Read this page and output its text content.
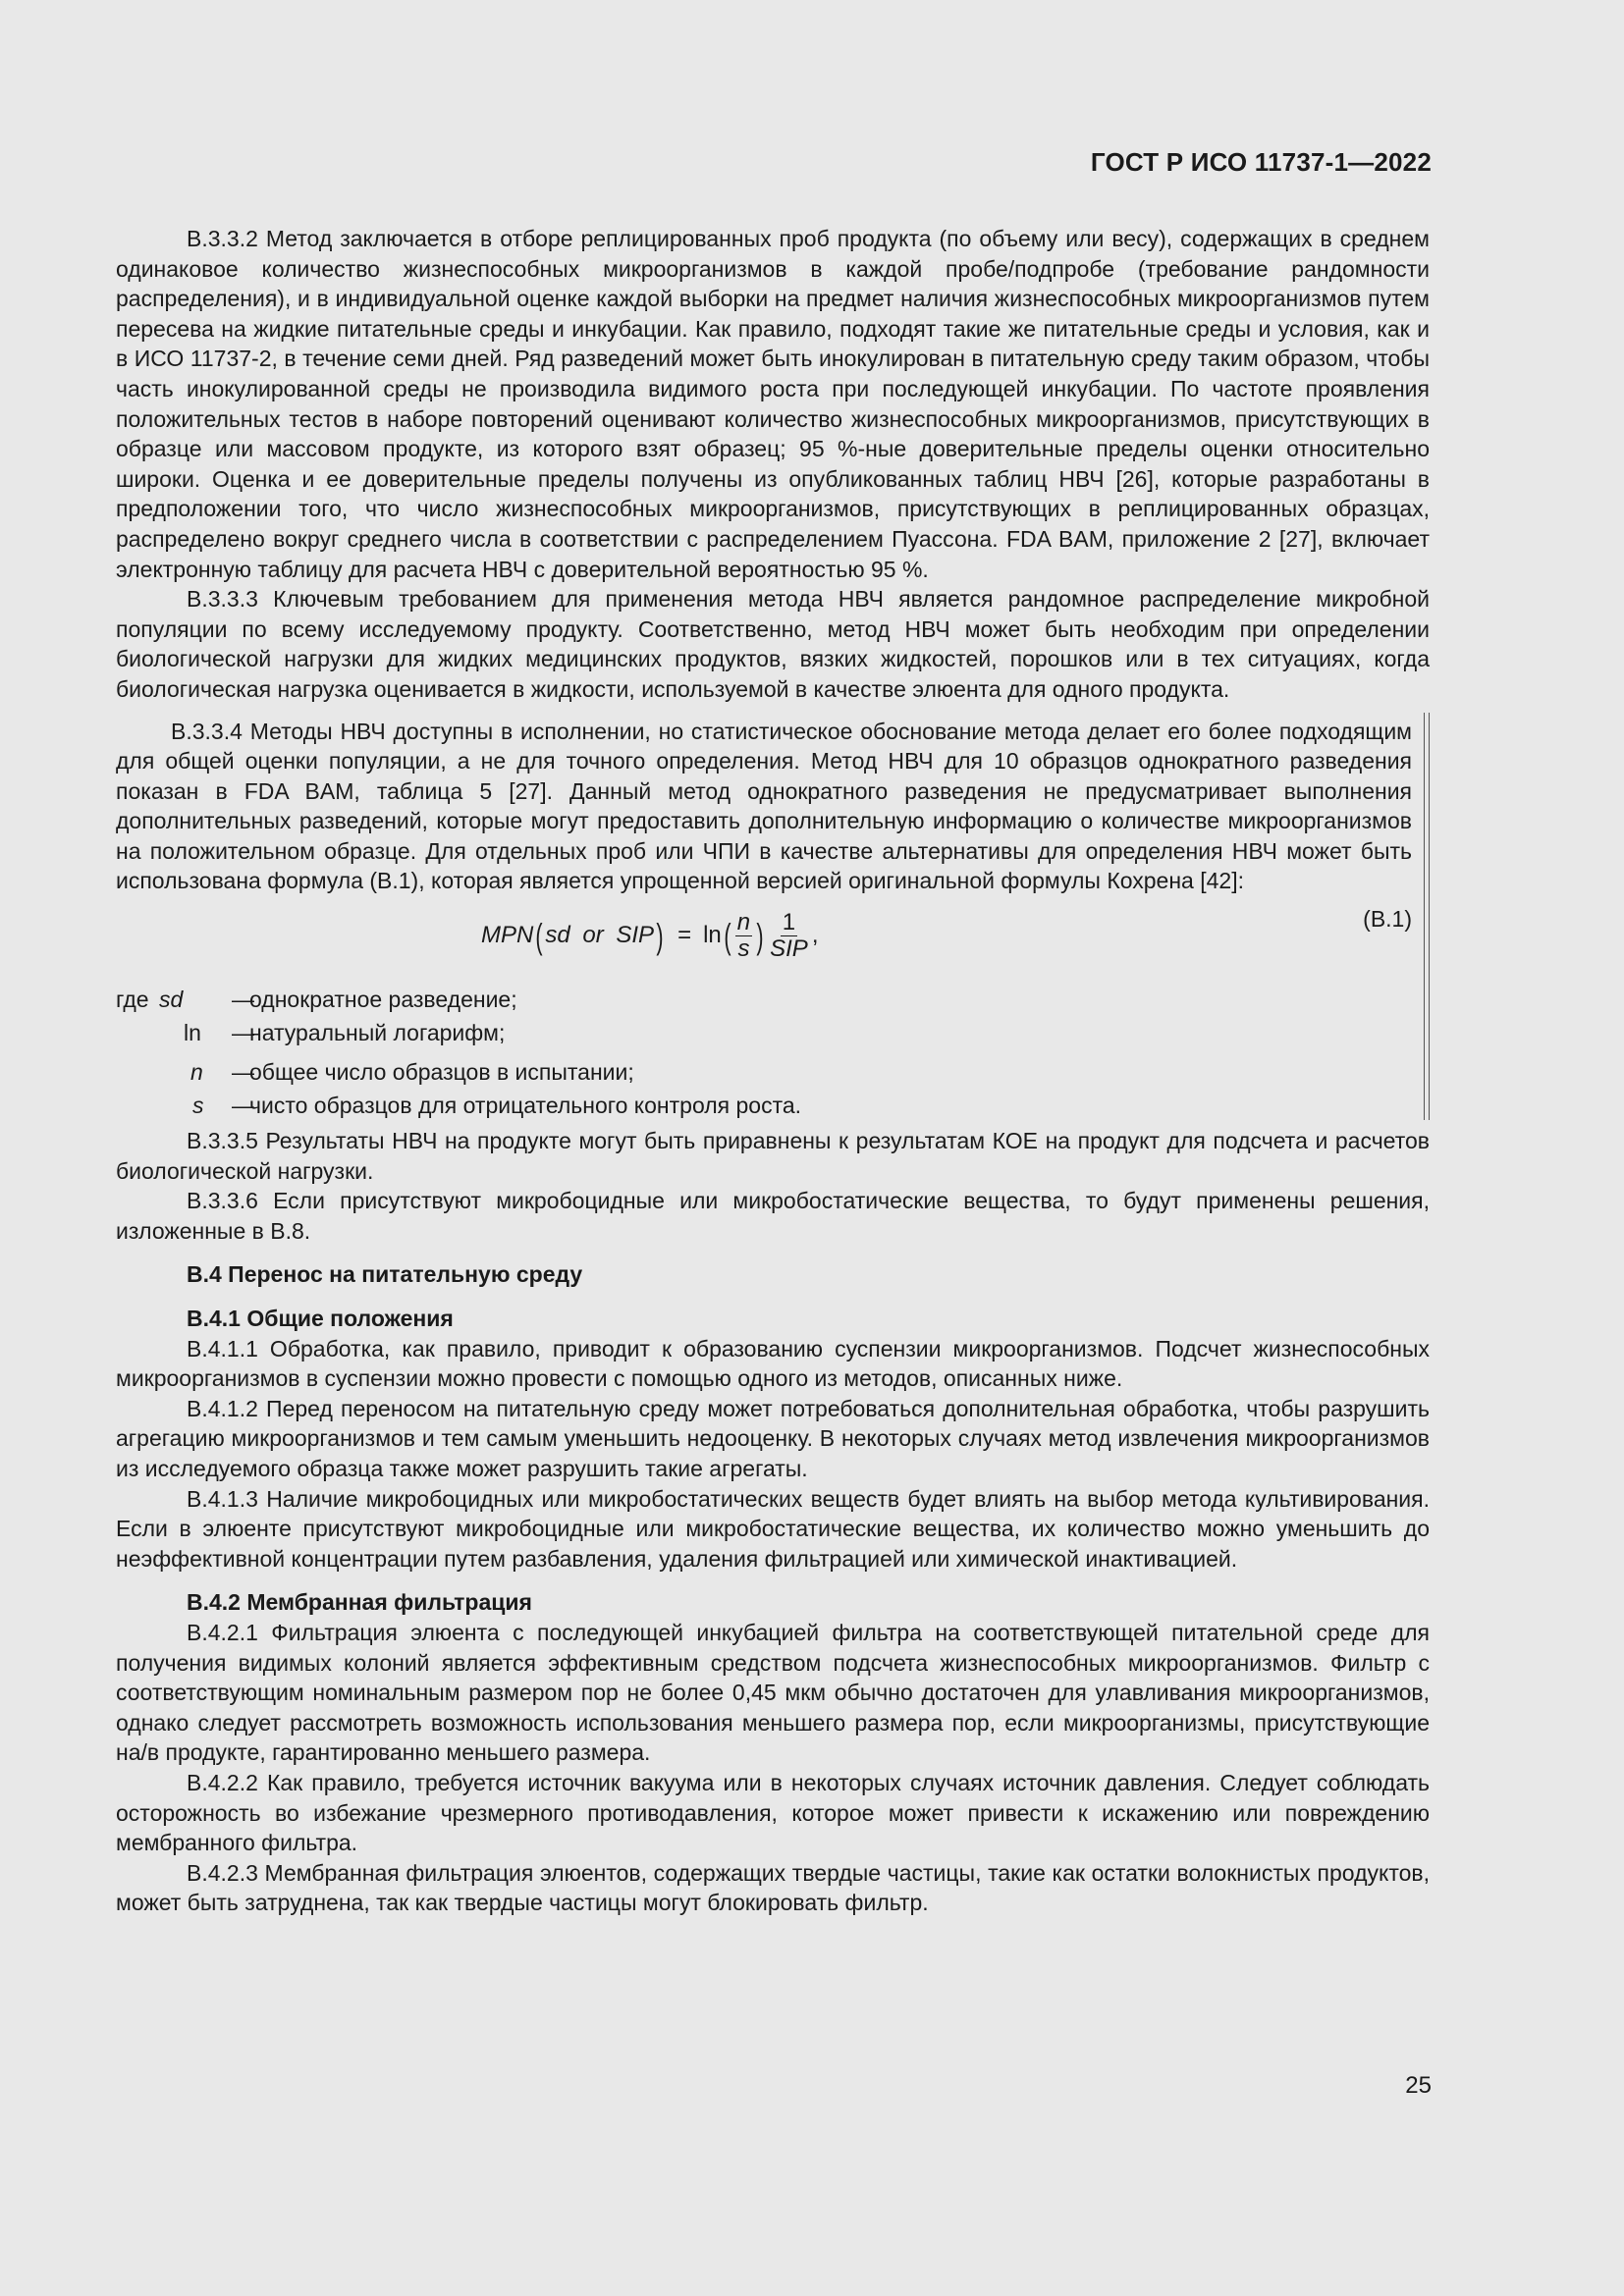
ГОСТ Р ИСО 11737-1—2022

В.3.3.2 Метод заключается в отборе реплицированных проб продукта (по объему или весу), содержащих в среднем одинаковое количество жизнеспособных микроорганизмов в каждой пробе/подпробе (требование рандомности распределения), и в индивидуальной оценке каждой выборки на предмет наличия жизнеспособных микроорганизмов путем пересева на жидкие питательные среды и инкубации. Как правило, подходят такие же питательные среды и условия, как и в ИСО 11737-2, в течение семи дней. Ряд разведений может быть инокулирован в питательную среду таким образом, чтобы часть инокулированной среды не производила видимого роста при последующей инкубации. По частоте проявления положительных тестов в наборе повторений оценивают количество жизнеспособных микроорганизмов, присутствующих в образце или массовом продукте, из которого взят образец; 95 %-ные доверительные пределы оценки относительно широки. Оценка и ее доверительные пределы получены из опубликованных таблиц НВЧ [26], которые разработаны в предположении того, что число жизнеспособных микроорганизмов, присутствующих в реплицированных образцах, распределено вокруг среднего числа в соответствии с распределением Пуассона. FDA BAM, приложение 2 [27], включает электронную таблицу для расчета НВЧ с доверительной вероятностью 95 %.

В.3.3.3 Ключевым требованием для применения метода НВЧ является рандомное распределение микробной популяции по всему исследуемому продукту. Соответственно, метод НВЧ может быть необходим при определении биологической нагрузки для жидких медицинских продуктов, вязких жидкостей, порошков или в тех ситуациях, когда биологическая нагрузка оценивается в жидкости, используемой в качестве элюента для одного продукта.

В.3.3.4 Методы НВЧ доступны в исполнении, но статистическое обоснование метода делает его более подходящим для общей оценки популяции, а не для точного определения. Метод НВЧ для 10 образцов однократного разведения показан в FDA BAM, таблица 5 [27]. Данный метод однократного разведения не предусматривает выполнения дополнительных разведений, которые могут предоставить дополнительную информацию о количестве микроорганизмов на положительном образце. Для отдельных проб или ЧПИ в качестве альтернативы для определения НВЧ может быть использована формула (В.1), которая является упрощенной версией оригинальной формулы Кохрена [42]:

MPN ( sd or SIP ) = ln ( $\frac{n}{s}$ ) $\frac{1}{\text{SIP}}$ ,
(В.1)
где sd —
однократное разведение;
ln —
натуральный логарифм;
n —
общее число образцов в испытании;
s —
чисто образцов для отрицательного контроля роста.

В.3.3.5 Результаты НВЧ на продукте могут быть приравнены к результатам КОЕ на продукт для подсчета и расчетов биологической нагрузки.

В.3.3.6 Если присутствуют микробоцидные или микробостатические вещества, то будут применены решения, изложенные в В.8.

В.4 Перенос на питательную среду

В.4.1 Общие положения

В.4.1.1 Обработка, как правило, приводит к образованию суспензии микроорганизмов. Подсчет жизнеспособных микроорганизмов в суспензии можно провести с помощью одного из методов, описанных ниже.

В.4.1.2 Перед переносом на питательную среду может потребоваться дополнительная обработка, чтобы разрушить агрегацию микроорганизмов и тем самым уменьшить недооценку. В некоторых случаях метод извлечения микроорганизмов из исследуемого образца также может разрушить такие агрегаты.

В.4.1.3 Наличие микробоцидных или микробостатических веществ будет влиять на выбор метода культивирования. Если в элюенте присутствуют микробоцидные или микробостатические вещества, их количество можно уменьшить до неэффективной концентрации путем разбавления, удаления фильтрацией или химической инактивацией.

В.4.2 Мембранная фильтрация

В.4.2.1 Фильтрация элюента с последующей инкубацией фильтра на соответствующей питательной среде для получения видимых колоний является эффективным средством подсчета жизнеспособных микроорганизмов. Фильтр с соответствующим номинальным размером пор не более 0,45 мкм обычно достаточен для улавливания микроорганизмов, однако следует рассмотреть возможность использования меньшего размера пор, если микроорганизмы, присутствующие на/в продукте, гарантированно меньшего размера.

В.4.2.2 Как правило, требуется источник вакуума или в некоторых случаях источник давления. Следует соблюдать осторожность во избежание чрезмерного противодавления, которое может привести к искажению или повреждению мембранного фильтра.

В.4.2.3 Мембранная фильтрация элюентов, содержащих твердые частицы, такие как остатки волокнистых продуктов, может быть затруднена, так как твердые частицы могут блокировать фильтр.

25
